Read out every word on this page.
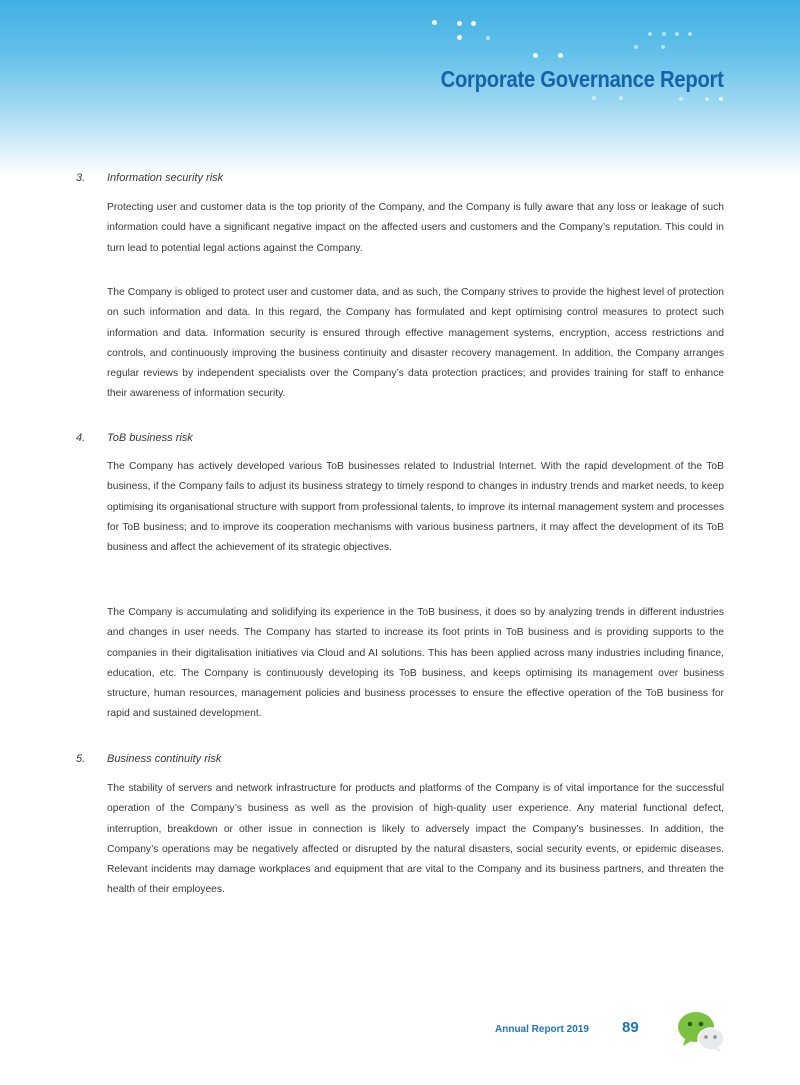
Corporate Governance Report
3. Information security risk

Protecting user and customer data is the top priority of the Company, and the Company is fully aware that any loss or leakage of such information could have a significant negative impact on the affected users and customers and the Company’s reputation. This could in turn lead to potential legal actions against the Company.

The Company is obliged to protect user and customer data, and as such, the Company strives to provide the highest level of protection on such information and data. In this regard, the Company has formulated and kept optimising control measures to protect such information and data. Information security is ensured through effective management systems, encryption, access restrictions and controls, and continuously improving the business continuity and disaster recovery management. In addition, the Company arranges regular reviews by independent specialists over the Company’s data protection practices; and provides training for staff to enhance their awareness of information security.

4. ToB business risk

The Company has actively developed various ToB businesses related to Industrial Internet. With the rapid development of the ToB business, if the Company fails to adjust its business strategy to timely respond to changes in industry trends and market needs, to keep optimising its organisational structure with support from professional talents, to improve its internal management system and processes for ToB business; and to improve its cooperation mechanisms with various business partners, it may affect the development of its ToB business and affect the achievement of its strategic objectives.

The Company is accumulating and solidifying its experience in the ToB business, it does so by analyzing trends in different industries and changes in user needs. The Company has started to increase its foot prints in ToB business and is providing supports to the companies in their digitalisation initiatives via Cloud and AI solutions. This has been applied across many industries including finance, education, etc. The Company is continuously developing its ToB business, and keeps optimising its management over business structure, human resources, management policies and business processes to ensure the effective operation of the ToB business for rapid and sustained development.

5. Business continuity risk

The stability of servers and network infrastructure for products and platforms of the Company is of vital importance for the successful operation of the Company’s business as well as the provision of high-quality user experience. Any material functional defect, interruption, breakdown or other issue in connection is likely to adversely impact the Company’s businesses. In addition, the Company’s operations may be negatively affected or disrupted by the natural disasters, social security events, or epidemic diseases. Relevant incidents may damage workplaces and equipment that are vital to the Company and its business partners, and threaten the health of their employees.

Annual Report 2019 89
